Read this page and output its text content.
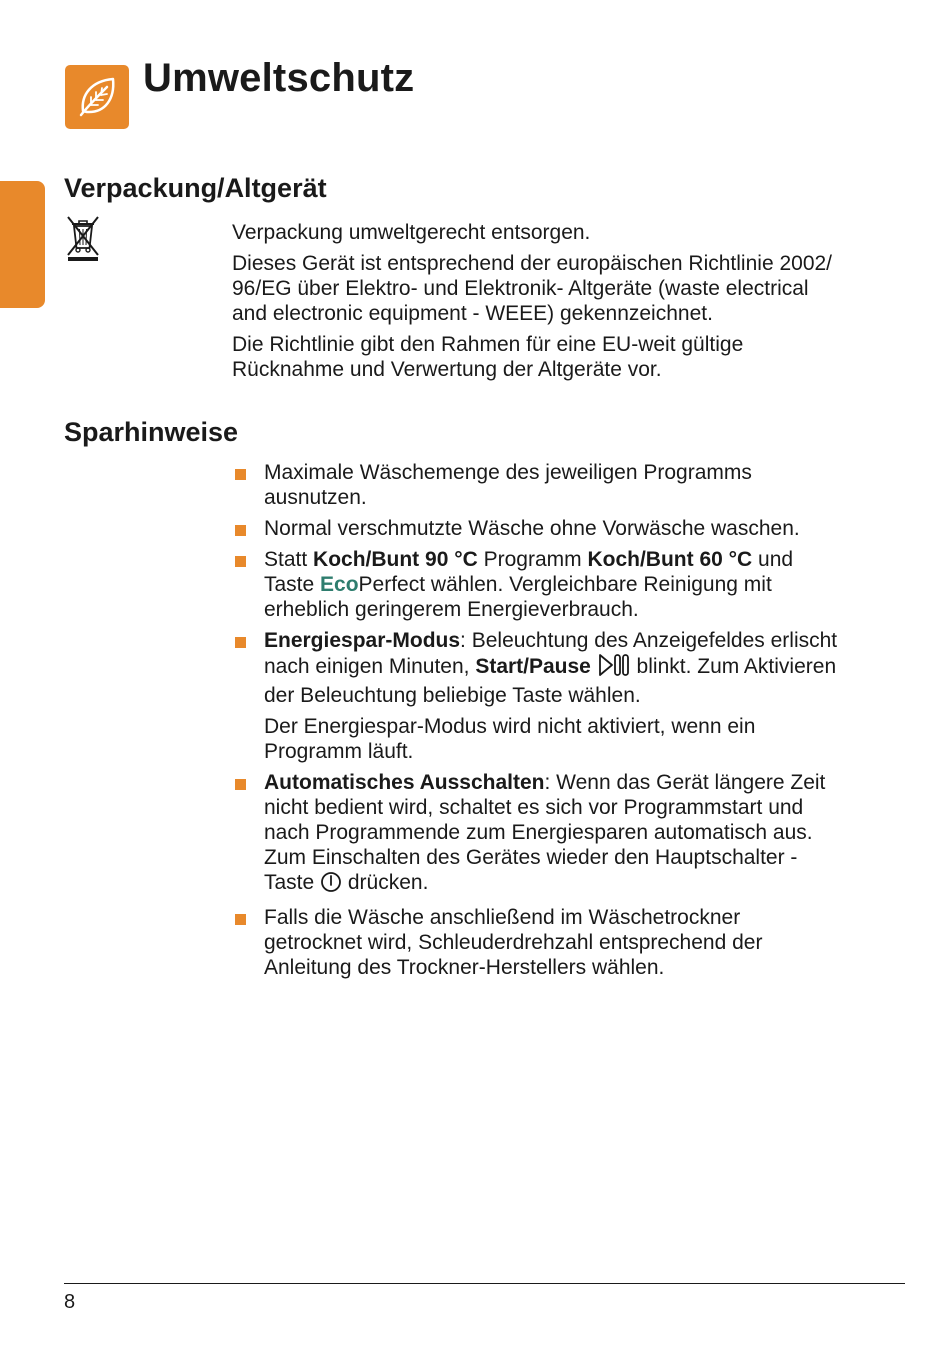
Umweltschutz
Verpackung/Altgerät

Verpackung umweltgerecht entsorgen.

Dieses Gerät ist entsprechend der europäischen Richtlinie 2002/
96/EG über Elektro- und Elektronik- Altgeräte (waste electrical
and electronic equipment - WEEE) gekennzeichnet.

Die Richtlinie gibt den Rahmen für eine EU-weit gültige
Rücknahme und Verwertung der Altgeräte vor.

Sparhinweise
Maximale Wäschemenge des jeweiligen Programms
ausnutzen.
Normal verschmutzte Wäsche ohne Vorwäsche waschen.
Statt Koch/Bunt 90 °C Programm Koch/Bunt 60 °C und
Taste EcoPerfect wählen. Vergleichbare Reinigung mit
erheblich geringerem Energieverbrauch.
Energiespar-Modus: Beleuchtung des Anzeigefeldes erlischt
nach einigen Minuten, Start/Pause  blinkt. Zum Aktivieren
der Beleuchtung beliebige Taste wählen.

Der Energiespar-Modus wird nicht aktiviert, wenn ein
Programm läuft.

Automatisches Ausschalten: Wenn das Gerät längere Zeit
nicht bedient wird, schaltet es sich vor Programmstart und
nach Programmende zum Energiesparen automatisch aus.
Zum Einschalten des Gerätes wieder den Hauptschalter -
Taste  drücken.
Falls die Wäsche anschließend im Wäschetrockner
getrocknet wird, Schleuderdrehzahl entsprechend der
Anleitung des Trockner-Herstellers wählen.
8
